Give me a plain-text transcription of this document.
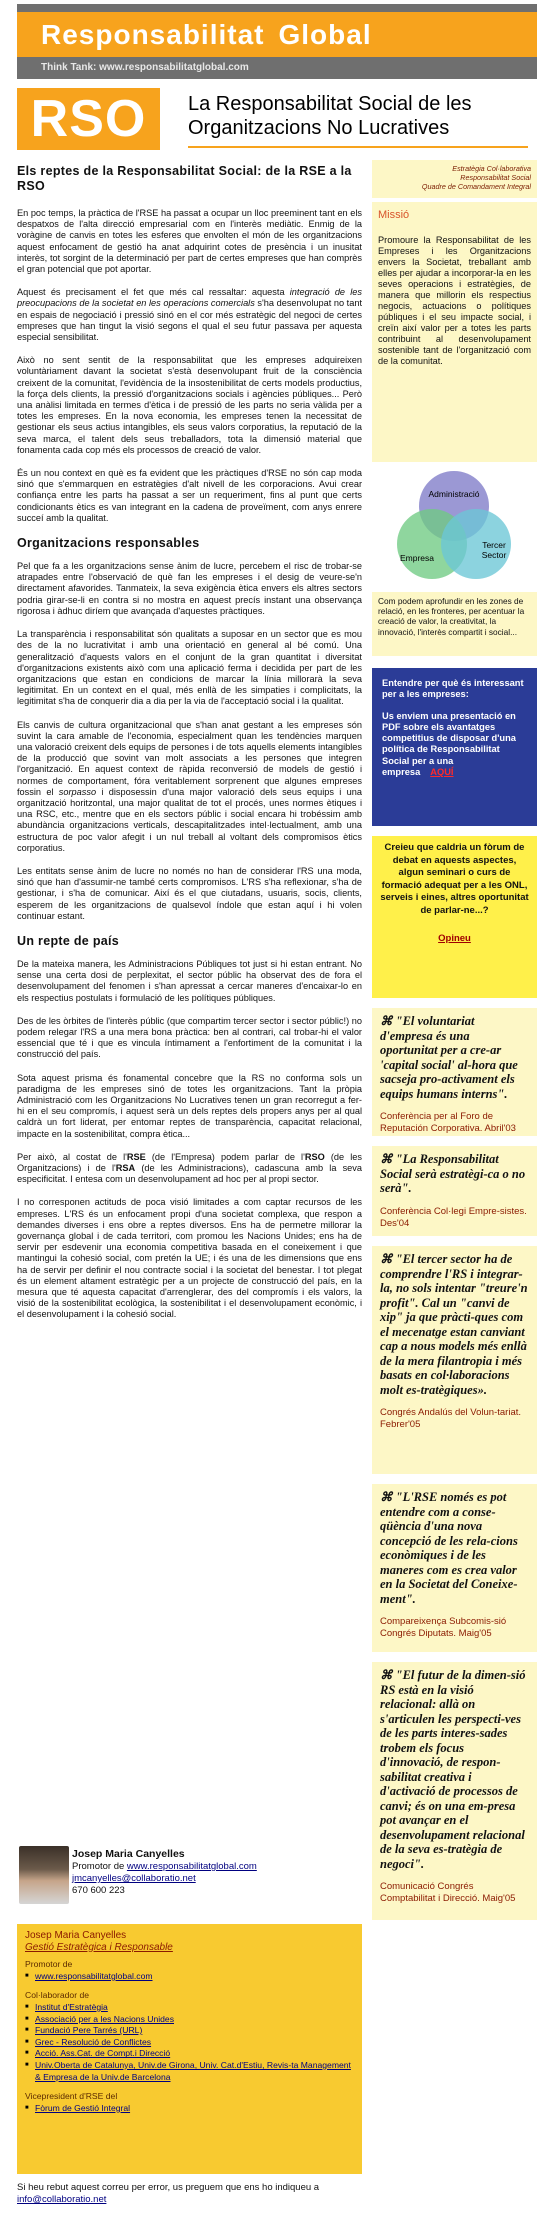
Responsabilitat Global
Think Tank: www.responsabilitatglobal.com
RSO	La Responsabilitat Social de les Organitzacions No Lucratives
Els reptes de la Responsabilitat Social: de la RSE a la RSO

En poc temps, la pràctica de l'RSE ha passat a ocupar un lloc preeminent tant en els despatxos de l'alta direcció empresarial com en l'interès mediàtic. Enmig de la voràgine de canvis en totes les esferes que envolten el món de les organitzacions aquest enfocament de gestió ha anat adquirint cotes de presència i un inusitat interès, tot sorgint de la determinació per part de certes empreses que han comprès el gran potencial que pot aportar.

Aquest és precisament el fet que més cal ressaltar: aquesta integració de les preocupacions de la societat en les operacions comercials s'ha desenvolupat no tant en espais de negociació i pressió sinó en el cor més estratègic del negoci de certes empreses que han tingut la visió segons el qual el seu futur passava per aquesta especial sensibilitat.

Això no sent sentit de la responsabilitat que les empreses adquireixen voluntàriament davant la societat s'està desenvolupant fruit de la consciència creixent de la comunitat, l'evidència de la insostenibilitat de certs models productius, la força dels clients, la pressió d'organitzacions socials i agències públiques... Però una anàlisi limitada en termes d'ètica i de pressió de les parts no seria vàlida per a totes les empreses. En la nova economia, les empreses tenen la necessitat de gestionar els seus actius intangibles, els seus valors corporatius, la reputació de la seva marca, el talent dels seus treballadors, tota la dimensió material que fonamenta cada cop més els processos de creació de valor.

És un nou context en què es fa evident que les pràctiques d'RSE no són cap moda sinó que s'emmarquen en estratègies d'alt nivell de les corporacions. Avui crear confiança entre les parts ha passat a ser un requeriment, fins al punt que certs condicionants ètics es van integrant en la cadena de proveïment, com anys enrere succeí amb la qualitat.

Organitzacions responsables

Pel que fa a les organitzacions sense ànim de lucre, percebem el risc de trobar-se atrapades entre l'observació de què fan les empreses i el desig de veure-se'n directament afavorides. Tanmateix, la seva exigència ètica envers els altres sectors podria girar-se-li en contra si no mostra en aquest precís instant una observança rigorosa i àdhuc diríem que avançada d'aquestes pràctiques.

La transparència i responsabilitat són qualitats a suposar en un sector que es mou des de la no lucrativitat i amb una orientació en general al bé comú. Una generalització d'aquests valors en el conjunt de la gran quantitat i diversitat d'organitzacions existents això com una aplicació ferma i decidida per part de les organitzacions que estan en condicions de marcar la línia millorarà la seva legitimitat. En un context en el qual, més enllà de les simpaties i complicitats, la legitimitat s'ha de conquerir dia a dia per la via de l'acceptació social i la qualitat.

Els canvis de cultura organitzacional que s'han anat gestant a les empreses són suvint la cara amable de l'economia, especialment quan les tendències marquen una valoració creixent dels equips de persones i de tots aquells elements intangibles de la producció que sovint van molt associats a les persones que integren l'organització. En aquest context de ràpida reconversió de models de gestió i normes de comportament, fóra veritablement sorprenent que algunes empreses fossin el sorpasso i disposessin d'una major valoració dels seus equips i una organització horitzontal, una major qualitat de tot el procés, unes normes ètiques i una RSC, etc., mentre que en els sectors públic i social encara hi trobéssim amb abundància organitzacions verticals, descapitalitzades intel·lectualment, amb una estructura de poc valor afegit i un nul treball al voltant dels compromisos ètics corporatius.

Les entitats sense ànim de lucre no només no han de considerar l'RS una moda, sinó que han d'assumir-ne també certs compromisos. L'RS s'ha reflexionar, s'ha de gestionar, i s'ha de comunicar. Així és el que ciutadans, usuaris, socis, clients, esperem de les organitzacions de qualsevol índole que estan aquí i hi volen continuar estant.

Un repte de país

De la mateixa manera, les Administracions Públiques tot just si hi estan entrant. No sense una certa dosi de perplexitat, el sector públic ha observat des de fora el desenvolupament del fenomen i s'han apressat a cercar maneres d'encaixar-lo en els respectius postulats i formulació de les polítiques públiques.

Des de les òrbites de l'interès públic (que compartim tercer sector i sector públic!) no podem relegar l'RS a una mera bona pràctica: ben al contrari, cal trobar-hi el valor essencial que té i que es vincula íntimament a l'enfortiment de la comunitat i la construcció del país.

Sota aquest prisma és fonamental concebre que la RS no conforma sols un paradigma de les empreses sinó de totes les organitzacions. Tant la pròpia Administració com les Organitzacions No Lucratives tenen un gran recorregut a fer-hi en el seu compromís, i aquest serà un dels reptes dels propers anys per al qual caldrà un fort liderat, per entomar reptes de transparència, capacitat relacional, impacte en la sostenibilitat, compra ètica...

Per això, al costat de l'RSE (de l'Empresa) podem parlar de l'RSO (de les Organitzacions) i de l'RSA (de les Administracions), cadascuna amb la seva especificitat. I entesa com un desenvolupament ad hoc per al propi sector.

I no corresponen actituds de poca visió limitades a com captar recursos de les empreses. L'RS és un enfocament propi d'una societat complexa, que respon a demandes diverses i ens obre a reptes diversos. Ens ha de permetre millorar la governança global i de cada territori, com promou les Nacions Unides; ens ha de servir per esdevenir una economia competitiva basada en el coneixement i que mantingui la cohesió social, com pretén la UE; i és una de les dimensions que ens ha de servir per definir el nou contracte social i la societat del benestar. I tot plegat és un element altament estratègic per a un projecte de construcció del país, en la mesura que té aquesta capacitat d'arrenglerar, des del compromís i els valors, la visió de la sostenibilitat ecològica, la sostenibilitat i el desenvolupament econòmic, i el desenvolupament i la cohesió social.

Josep Maria Canyelles
Promotor de www.responsabilitatglobal.com
jmcanyelles@collaboratio.net
670 600 223
Josep Maria Canyelles
Gestió Estratègica i Responsable
Promotor de
■ www.responsabilitatglobal.com
Col·laborador de
■ Institut d'Estratègia
■ Associació per a les Nacions Unides
■ Fundació Pere Tarrés (URL)
■ Grec - Resolució de Conflictes
■ Acció. Ass.Cat. de Compt.i Direcció
■ Univ.Oberta de Catalunya, Univ.de Girona, Univ. Cat.d'Estiu, Revis-ta Management & Empresa de la Univ.de Barcelona
Vicepresident d'RSE del
■ Fòrum de Gestió Integral
Si heu rebut aquest correu per error, us preguem que ens ho indiqueu a info@collaboratio.net
Estratègia Col·laborativa
Responsabilitat Social
Quadre de Comandament Integral
Missió
Promoure la Responsabilitat de les Empreses i les Organitzacions envers la Societat, treballant amb elles per ajudar a incorporar-la en les seves operacions i estratègies, de manera que millorin els respectius negocis, actuacions o polítiques públiques i el seu impacte social, i creïn així valor per a totes les parts contribuint al desenvolupament sostenible tant de l'organització com de la comunitat.
Administració
Empresa
Tercer Sector
Com podem aprofundir en les zones de relació, en les fronteres, per acentuar la creació de valor, la creativitat, la innovació, l'interès compartit i social...
Entendre per què és interessant per a les empreses:
Us enviem una presentació en PDF sobre els avantatges competitius de disposar d'una política de Responsabilitat Social per a una empresa AQUÍ
Creieu que caldria un fòrum de debat en aquests aspectes, algun seminari o curs de formació adequat per a les ONL, serveis i eines, altres oportunitat de parlar-ne...?
Opineu
⌘ "El voluntariat d'empresa és una oportunitat per a cre-ar 'capital social' al-hora que sacseja pro-activament els equips humans interns".
Conferència per al Foro de Reputación Corporativa. Abril'03
⌘ "La Responsabilitat Social serà estratègi-ca o no serà".
Conferència Col·legi Empre-sistes. Des'04
⌘ "El tercer sector ha de comprendre l'RS i integrar-la, no sols intentar "treure'n profit". Cal un "canvi de xip" ja que pràcti-ques com el mecenatge estan canviant cap a nous models més enllà de la mera filantropia i més basats en col·laboracions molt es-tratègiques».
Congrés Andalús del Volun-tariat. Febrer'05
⌘ "L'RSE només es pot entendre com a conse-qüència d'una nova concepció de les rela-cions econòmiques i de les maneres com es crea valor en la Societat del Coneixe-ment".
Compareixença Subcomis-sió Congrés Diputats. Maig'05
⌘ "El futur de la dimen-sió RS està en la visió relacional: allà on s'articulen les perspecti-ves de les parts interes-sades trobem els focus d'innovació, de respon-sabilitat creativa i d'activació de processos de canvi; és on una em-presa pot avançar en el desenvolupament relacional de la seva es-tratègia de negoci".
Comunicació Congrés Comptabilitat i Direcció. Maig'05
